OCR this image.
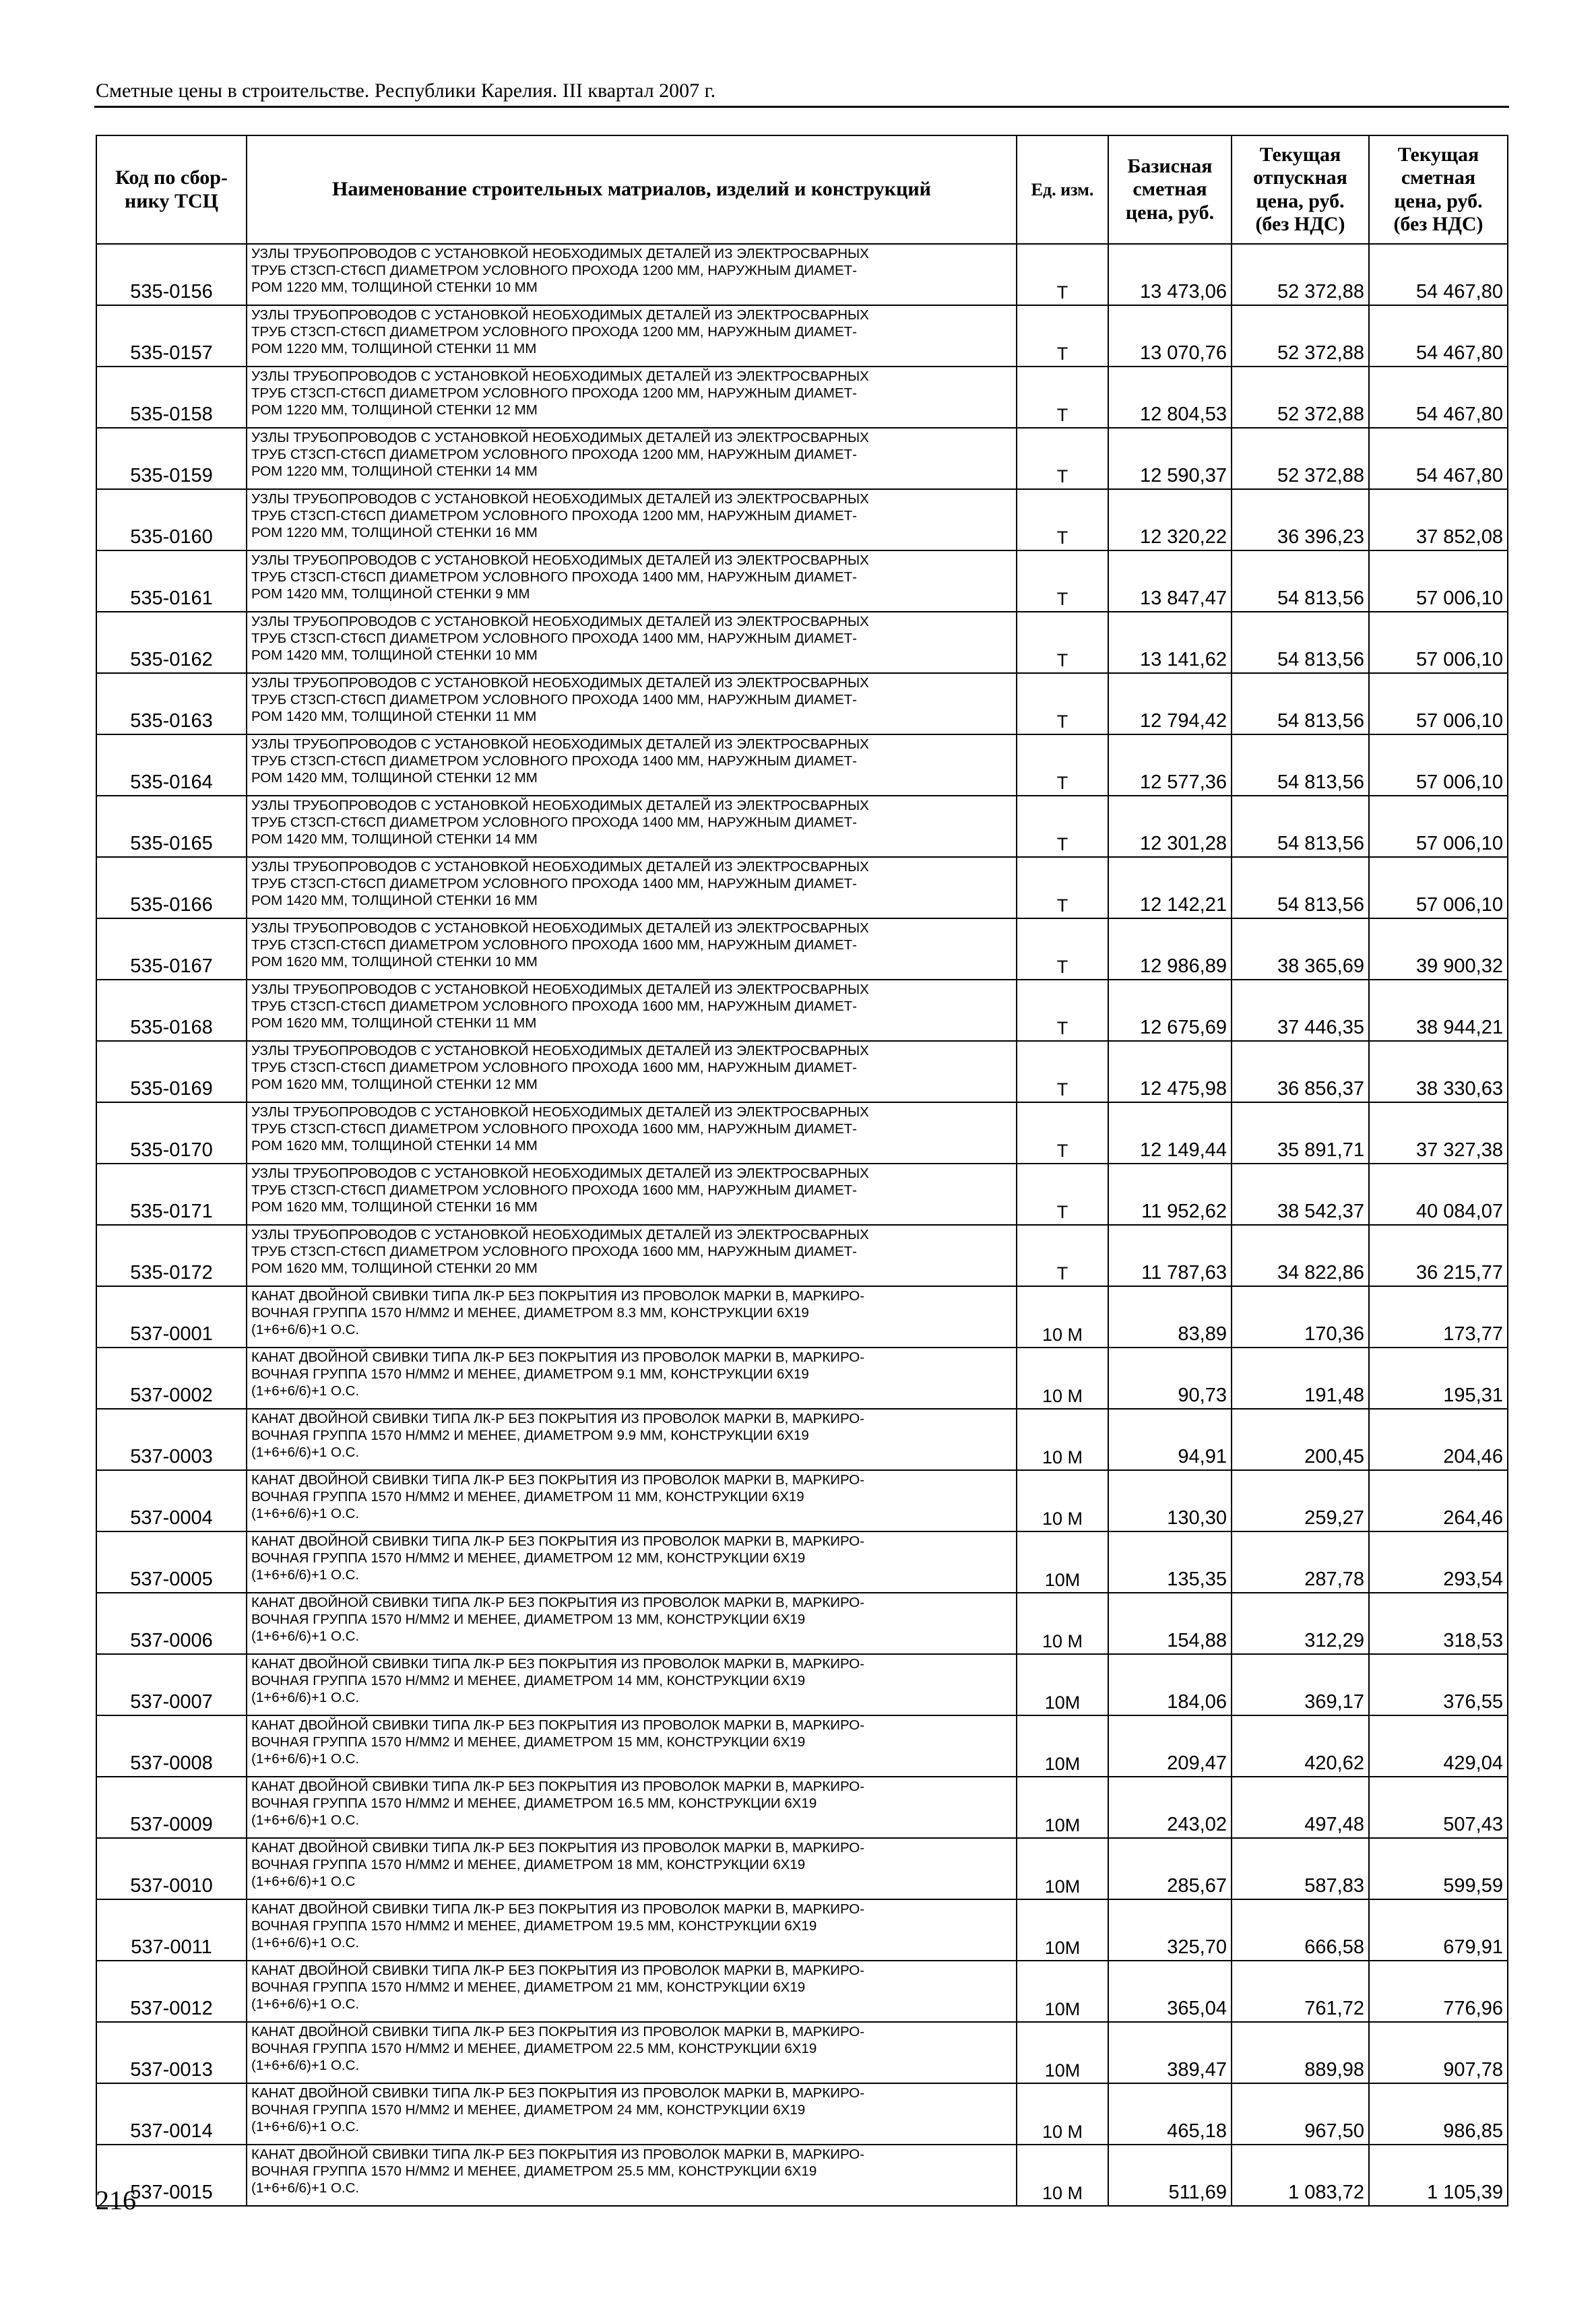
Сметные цены в строительстве. Республики Карелия. III квартал 2007 г.
Код по сбор-
нику ТСЦ	Наименование строительных матриалов, изделий и конструкций	Ед. изм.	Базисная
сметная
цена, руб.	Текущая
отпускная
цена, руб.
(без НДС)	Текущая
сметная
цена, руб.
(без НДС)
535-0156	УЗЛЫ ТРУБОПРОВОДОВ С УСТАНОВКОЙ НЕОБХОДИМЫХ ДЕТАЛЕЙ ИЗ ЭЛЕКТРОСВАРНЫХ
ТРУБ СТ3СП-СТ6СП ДИАМЕТРОМ УСЛОВНОГО ПРОХОДА 1200 ММ, НАРУЖНЫМ ДИАМЕТ-
РОМ 1220 ММ, ТОЛЩИНОЙ СТЕНКИ 10 ММ	Т	13 473,06	52 372,88	54 467,80
535-0157	УЗЛЫ ТРУБОПРОВОДОВ С УСТАНОВКОЙ НЕОБХОДИМЫХ ДЕТАЛЕЙ ИЗ ЭЛЕКТРОСВАРНЫХ
ТРУБ СТ3СП-СТ6СП ДИАМЕТРОМ УСЛОВНОГО ПРОХОДА 1200 ММ, НАРУЖНЫМ ДИАМЕТ-
РОМ 1220 ММ, ТОЛЩИНОЙ СТЕНКИ 11 ММ	Т	13 070,76	52 372,88	54 467,80
535-0158	УЗЛЫ ТРУБОПРОВОДОВ С УСТАНОВКОЙ НЕОБХОДИМЫХ ДЕТАЛЕЙ ИЗ ЭЛЕКТРОСВАРНЫХ
ТРУБ СТ3СП-СТ6СП ДИАМЕТРОМ УСЛОВНОГО ПРОХОДА 1200 ММ, НАРУЖНЫМ ДИАМЕТ-
РОМ 1220 ММ, ТОЛЩИНОЙ СТЕНКИ 12 ММ	Т	12 804,53	52 372,88	54 467,80
535-0159	УЗЛЫ ТРУБОПРОВОДОВ С УСТАНОВКОЙ НЕОБХОДИМЫХ ДЕТАЛЕЙ ИЗ ЭЛЕКТРОСВАРНЫХ
ТРУБ СТ3СП-СТ6СП ДИАМЕТРОМ УСЛОВНОГО ПРОХОДА 1200 ММ, НАРУЖНЫМ ДИАМЕТ-
РОМ 1220 ММ, ТОЛЩИНОЙ СТЕНКИ 14 ММ	Т	12 590,37	52 372,88	54 467,80
535-0160	УЗЛЫ ТРУБОПРОВОДОВ С УСТАНОВКОЙ НЕОБХОДИМЫХ ДЕТАЛЕЙ ИЗ ЭЛЕКТРОСВАРНЫХ
ТРУБ СТ3СП-СТ6СП ДИАМЕТРОМ УСЛОВНОГО ПРОХОДА 1200 ММ, НАРУЖНЫМ ДИАМЕТ-
РОМ 1220 ММ, ТОЛЩИНОЙ СТЕНКИ 16 ММ	Т	12 320,22	36 396,23	37 852,08
535-0161	УЗЛЫ ТРУБОПРОВОДОВ С УСТАНОВКОЙ НЕОБХОДИМЫХ ДЕТАЛЕЙ ИЗ ЭЛЕКТРОСВАРНЫХ
ТРУБ СТ3СП-СТ6СП ДИАМЕТРОМ УСЛОВНОГО ПРОХОДА 1400 ММ, НАРУЖНЫМ ДИАМЕТ-
РОМ 1420 ММ, ТОЛЩИНОЙ СТЕНКИ 9 ММ	Т	13 847,47	54 813,56	57 006,10
535-0162	УЗЛЫ ТРУБОПРОВОДОВ С УСТАНОВКОЙ НЕОБХОДИМЫХ ДЕТАЛЕЙ ИЗ ЭЛЕКТРОСВАРНЫХ
ТРУБ СТ3СП-СТ6СП ДИАМЕТРОМ УСЛОВНОГО ПРОХОДА 1400 ММ, НАРУЖНЫМ ДИАМЕТ-
РОМ 1420 ММ, ТОЛЩИНОЙ СТЕНКИ 10 ММ	Т	13 141,62	54 813,56	57 006,10
535-0163	УЗЛЫ ТРУБОПРОВОДОВ С УСТАНОВКОЙ НЕОБХОДИМЫХ ДЕТАЛЕЙ ИЗ ЭЛЕКТРОСВАРНЫХ
ТРУБ СТ3СП-СТ6СП ДИАМЕТРОМ УСЛОВНОГО ПРОХОДА 1400 ММ, НАРУЖНЫМ ДИАМЕТ-
РОМ 1420 ММ, ТОЛЩИНОЙ СТЕНКИ 11 ММ	Т	12 794,42	54 813,56	57 006,10
535-0164	УЗЛЫ ТРУБОПРОВОДОВ С УСТАНОВКОЙ НЕОБХОДИМЫХ ДЕТАЛЕЙ ИЗ ЭЛЕКТРОСВАРНЫХ
ТРУБ СТ3СП-СТ6СП ДИАМЕТРОМ УСЛОВНОГО ПРОХОДА 1400 ММ, НАРУЖНЫМ ДИАМЕТ-
РОМ 1420 ММ, ТОЛЩИНОЙ СТЕНКИ 12 ММ	Т	12 577,36	54 813,56	57 006,10
535-0165	УЗЛЫ ТРУБОПРОВОДОВ С УСТАНОВКОЙ НЕОБХОДИМЫХ ДЕТАЛЕЙ ИЗ ЭЛЕКТРОСВАРНЫХ
ТРУБ СТ3СП-СТ6СП ДИАМЕТРОМ УСЛОВНОГО ПРОХОДА 1400 ММ, НАРУЖНЫМ ДИАМЕТ-
РОМ 1420 ММ, ТОЛЩИНОЙ СТЕНКИ 14 ММ	Т	12 301,28	54 813,56	57 006,10
535-0166	УЗЛЫ ТРУБОПРОВОДОВ С УСТАНОВКОЙ НЕОБХОДИМЫХ ДЕТАЛЕЙ ИЗ ЭЛЕКТРОСВАРНЫХ
ТРУБ СТ3СП-СТ6СП ДИАМЕТРОМ УСЛОВНОГО ПРОХОДА 1400 ММ, НАРУЖНЫМ ДИАМЕТ-
РОМ 1420 ММ, ТОЛЩИНОЙ СТЕНКИ 16 ММ	Т	12 142,21	54 813,56	57 006,10
535-0167	УЗЛЫ ТРУБОПРОВОДОВ С УСТАНОВКОЙ НЕОБХОДИМЫХ ДЕТАЛЕЙ ИЗ ЭЛЕКТРОСВАРНЫХ
ТРУБ СТ3СП-СТ6СП ДИАМЕТРОМ УСЛОВНОГО ПРОХОДА 1600 ММ, НАРУЖНЫМ ДИАМЕТ-
РОМ 1620 ММ, ТОЛЩИНОЙ СТЕНКИ 10 ММ	Т	12 986,89	38 365,69	39 900,32
535-0168	УЗЛЫ ТРУБОПРОВОДОВ С УСТАНОВКОЙ НЕОБХОДИМЫХ ДЕТАЛЕЙ ИЗ ЭЛЕКТРОСВАРНЫХ
ТРУБ СТ3СП-СТ6СП ДИАМЕТРОМ УСЛОВНОГО ПРОХОДА 1600 ММ, НАРУЖНЫМ ДИАМЕТ-
РОМ 1620 ММ, ТОЛЩИНОЙ СТЕНКИ 11 ММ	Т	12 675,69	37 446,35	38 944,21
535-0169	УЗЛЫ ТРУБОПРОВОДОВ С УСТАНОВКОЙ НЕОБХОДИМЫХ ДЕТАЛЕЙ ИЗ ЭЛЕКТРОСВАРНЫХ
ТРУБ СТ3СП-СТ6СП ДИАМЕТРОМ УСЛОВНОГО ПРОХОДА 1600 ММ, НАРУЖНЫМ ДИАМЕТ-
РОМ 1620 ММ, ТОЛЩИНОЙ СТЕНКИ 12 ММ	Т	12 475,98	36 856,37	38 330,63
535-0170	УЗЛЫ ТРУБОПРОВОДОВ С УСТАНОВКОЙ НЕОБХОДИМЫХ ДЕТАЛЕЙ ИЗ ЭЛЕКТРОСВАРНЫХ
ТРУБ СТ3СП-СТ6СП ДИАМЕТРОМ УСЛОВНОГО ПРОХОДА 1600 ММ, НАРУЖНЫМ ДИАМЕТ-
РОМ 1620 ММ, ТОЛЩИНОЙ СТЕНКИ 14 ММ	Т	12 149,44	35 891,71	37 327,38
535-0171	УЗЛЫ ТРУБОПРОВОДОВ С УСТАНОВКОЙ НЕОБХОДИМЫХ ДЕТАЛЕЙ ИЗ ЭЛЕКТРОСВАРНЫХ
ТРУБ СТ3СП-СТ6СП ДИАМЕТРОМ УСЛОВНОГО ПРОХОДА 1600 ММ, НАРУЖНЫМ ДИАМЕТ-
РОМ 1620 ММ, ТОЛЩИНОЙ СТЕНКИ 16 ММ	Т	11 952,62	38 542,37	40 084,07
535-0172	УЗЛЫ ТРУБОПРОВОДОВ С УСТАНОВКОЙ НЕОБХОДИМЫХ ДЕТАЛЕЙ ИЗ ЭЛЕКТРОСВАРНЫХ
ТРУБ СТ3СП-СТ6СП ДИАМЕТРОМ УСЛОВНОГО ПРОХОДА 1600 ММ, НАРУЖНЫМ ДИАМЕТ-
РОМ 1620 ММ, ТОЛЩИНОЙ СТЕНКИ 20 ММ	Т	11 787,63	34 822,86	36 215,77
537-0001	КАНАТ ДВОЙНОЙ СВИВКИ ТИПА ЛК-Р БЕЗ ПОКРЫТИЯ ИЗ ПРОВОЛОК МАРКИ В, МАРКИРО-
ВОЧНАЯ ГРУППА 1570 Н/ММ2 И МЕНЕЕ, ДИАМЕТРОМ 8.3 ММ, КОНСТРУКЦИИ 6X19
(1+6+6/6)+1 О.С.	10 М	83,89	170,36	173,77
537-0002	КАНАТ ДВОЙНОЙ СВИВКИ ТИПА ЛК-Р БЕЗ ПОКРЫТИЯ ИЗ ПРОВОЛОК МАРКИ В, МАРКИРО-
ВОЧНАЯ ГРУППА 1570 Н/ММ2 И МЕНЕЕ, ДИАМЕТРОМ 9.1 ММ, КОНСТРУКЦИИ 6X19
(1+6+6/6)+1 О.С.	10 М	90,73	191,48	195,31
537-0003	КАНАТ ДВОЙНОЙ СВИВКИ ТИПА ЛК-Р БЕЗ ПОКРЫТИЯ ИЗ ПРОВОЛОК МАРКИ В, МАРКИРО-
ВОЧНАЯ ГРУППА 1570 Н/ММ2 И МЕНЕЕ, ДИАМЕТРОМ 9.9 ММ, КОНСТРУКЦИИ 6X19
(1+6+6/6)+1 О.С.	10 М	94,91	200,45	204,46
537-0004	КАНАТ ДВОЙНОЙ СВИВКИ ТИПА ЛК-Р БЕЗ ПОКРЫТИЯ ИЗ ПРОВОЛОК МАРКИ В, МАРКИРО-
ВОЧНАЯ ГРУППА 1570 Н/ММ2 И МЕНЕЕ, ДИАМЕТРОМ 11 ММ, КОНСТРУКЦИИ 6X19
(1+6+6/6)+1 О.С.	10 М	130,30	259,27	264,46
537-0005	КАНАТ ДВОЙНОЙ СВИВКИ ТИПА ЛК-Р БЕЗ ПОКРЫТИЯ ИЗ ПРОВОЛОК МАРКИ В, МАРКИРО-
ВОЧНАЯ ГРУППА 1570 Н/ММ2 И МЕНЕЕ, ДИАМЕТРОМ 12 ММ, КОНСТРУКЦИИ 6X19
(1+6+6/6)+1 О.С.	10М	135,35	287,78	293,54
537-0006	КАНАТ ДВОЙНОЙ СВИВКИ ТИПА ЛК-Р БЕЗ ПОКРЫТИЯ ИЗ ПРОВОЛОК МАРКИ В, МАРКИРО-
ВОЧНАЯ ГРУППА 1570 Н/ММ2 И МЕНЕЕ, ДИАМЕТРОМ 13 ММ, КОНСТРУКЦИИ 6X19
(1+6+6/6)+1 О.С.	10 М	154,88	312,29	318,53
537-0007	КАНАТ ДВОЙНОЙ СВИВКИ ТИПА ЛК-Р БЕЗ ПОКРЫТИЯ ИЗ ПРОВОЛОК МАРКИ В, МАРКИРО-
ВОЧНАЯ ГРУППА 1570 Н/ММ2 И МЕНЕЕ, ДИАМЕТРОМ 14 ММ, КОНСТРУКЦИИ 6X19
(1+6+6/6)+1 О.С.	10М	184,06	369,17	376,55
537-0008	КАНАТ ДВОЙНОЙ СВИВКИ ТИПА ЛК-Р БЕЗ ПОКРЫТИЯ ИЗ ПРОВОЛОК МАРКИ В, МАРКИРО-
ВОЧНАЯ ГРУППА 1570 Н/ММ2 И МЕНЕЕ, ДИАМЕТРОМ 15 ММ, КОНСТРУКЦИИ 6X19
(1+6+6/6)+1 О.С.	10М	209,47	420,62	429,04
537-0009	КАНАТ ДВОЙНОЙ СВИВКИ ТИПА ЛК-Р БЕЗ ПОКРЫТИЯ ИЗ ПРОВОЛОК МАРКИ В, МАРКИРО-
ВОЧНАЯ ГРУППА 1570 Н/ММ2 И МЕНЕЕ, ДИАМЕТРОМ 16.5 ММ, КОНСТРУКЦИИ 6X19
(1+6+6/6)+1 О.С.	10М	243,02	497,48	507,43
537-0010	КАНАТ ДВОЙНОЙ СВИВКИ ТИПА ЛК-Р БЕЗ ПОКРЫТИЯ ИЗ ПРОВОЛОК МАРКИ В, МАРКИРО-
ВОЧНАЯ ГРУППА 1570 Н/ММ2 И МЕНЕЕ, ДИАМЕТРОМ 18 ММ, КОНСТРУКЦИИ 6X19
(1+6+6/6)+1 О.С	10М	285,67	587,83	599,59
537-0011	КАНАТ ДВОЙНОЙ СВИВКИ ТИПА ЛК-Р БЕЗ ПОКРЫТИЯ ИЗ ПРОВОЛОК МАРКИ В, МАРКИРО-
ВОЧНАЯ ГРУППА 1570 Н/ММ2 И МЕНЕЕ, ДИАМЕТРОМ 19.5 ММ, КОНСТРУКЦИИ 6X19
(1+6+6/6)+1 О.С.	10М	325,70	666,58	679,91
537-0012	КАНАТ ДВОЙНОЙ СВИВКИ ТИПА ЛК-Р БЕЗ ПОКРЫТИЯ ИЗ ПРОВОЛОК МАРКИ В, МАРКИРО-
ВОЧНАЯ ГРУППА 1570 Н/ММ2 И МЕНЕЕ, ДИАМЕТРОМ 21 ММ, КОНСТРУКЦИИ 6X19
(1+6+6/6)+1 О.С.	10М	365,04	761,72	776,96
537-0013	КАНАТ ДВОЙНОЙ СВИВКИ ТИПА ЛК-Р БЕЗ ПОКРЫТИЯ ИЗ ПРОВОЛОК МАРКИ В, МАРКИРО-
ВОЧНАЯ ГРУППА 1570 Н/ММ2 И МЕНЕЕ, ДИАМЕТРОМ 22.5 ММ, КОНСТРУКЦИИ 6X19
(1+6+6/6)+1 О.С.	10М	389,47	889,98	907,78
537-0014	КАНАТ ДВОЙНОЙ СВИВКИ ТИПА ЛК-Р БЕЗ ПОКРЫТИЯ ИЗ ПРОВОЛОК МАРКИ В, МАРКИРО-
ВОЧНАЯ ГРУППА 1570 Н/ММ2 И МЕНЕЕ, ДИАМЕТРОМ 24 ММ, КОНСТРУКЦИИ 6X19
(1+6+6/6)+1 О.С.	10 М	465,18	967,50	986,85
537-0015	КАНАТ ДВОЙНОЙ СВИВКИ ТИПА ЛК-Р БЕЗ ПОКРЫТИЯ ИЗ ПРОВОЛОК МАРКИ В, МАРКИРО-
ВОЧНАЯ ГРУППА 1570 Н/ММ2 И МЕНЕЕ, ДИАМЕТРОМ 25.5 ММ, КОНСТРУКЦИИ 6X19
(1+6+6/6)+1 О.С.	10 М	511,69	1 083,72	1 105,39
216
